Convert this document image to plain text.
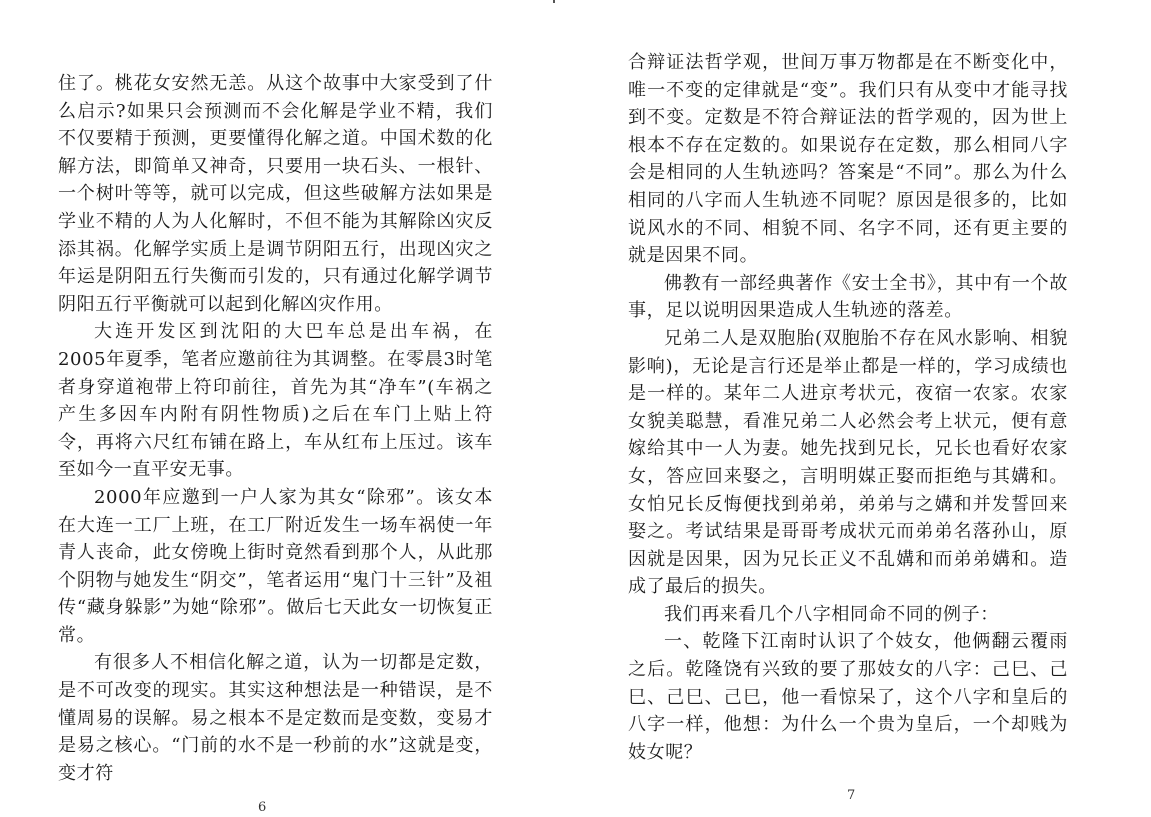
住了。桃花女安然无恙。从这个故事中大家受到了什么启示?如果只会预测而不会化解是学业不精，我们不仅要精于预测，更要懂得化解之道。中国术数的化解方法，即简单又神奇，只要用一块石头、一根针、一个树叶等等，就可以完成，但这些破解方法如果是学业不精的人为人化解时，不但不能为其解除凶灾反添其祸。化解学实质上是调节阴阳五行，出现凶灾之年运是阴阳五行失衡而引发的，只有通过化解学调节阴阳五行平衡就可以起到化解凶灾作用。

大连开发区到沈阳的大巴车总是出车祸，在2005年夏季，笔者应邀前往为其调整。在零晨3时笔者身穿道袍带上符印前往，首先为其“净车”(车祸之产生多因车内附有阴性物质)之后在车门上贴上符令，再将六尺红布铺在路上，车从红布上压过。该车至如今一直平安无事。

2000年应邀到一户人家为其女“除邪”。该女本在大连一工厂上班，在工厂附近发生一场车祸使一年青人丧命，此女傍晚上街时竟然看到那个人，从此那个阴物与她发生“阴交”，笔者运用“鬼门十三针”及祖传“藏身躲影”为她“除邪”。做后七天此女一切恢复正常。

有很多人不相信化解之道，认为一切都是定数，是不可改变的现实。其实这种想法是一种错误，是不懂周易的误解。易之根本不是定数而是变数，变易才是易之核心。“门前的水不是一秒前的水”这就是变，变才符

6

合辩证法哲学观，世间万事万物都是在不断变化中，唯一不变的定律就是“变”。我们只有从变中才能寻找到不变。定数是不符合辩证法的哲学观的，因为世上根本不存在定数的。如果说存在定数，那么相同八字会是相同的人生轨迹吗？答案是“不同”。那么为什么相同的八字而人生轨迹不同呢？原因是很多的，比如说风水的不同、相貌不同、名字不同，还有更主要的就是因果不同。

佛教有一部经典著作《安士全书》，其中有一个故事，足以说明因果造成人生轨迹的落差。

兄弟二人是双胞胎(双胞胎不存在风水影响、相貌影响)，无论是言行还是举止都是一样的，学习成绩也是一样的。某年二人进京考状元，夜宿一农家。农家女貌美聪慧，看准兄弟二人必然会考上状元，便有意嫁给其中一人为妻。她先找到兄长，兄长也看好农家女，答应回来娶之，言明明媒正娶而拒绝与其媾和。女怕兄长反悔便找到弟弟，弟弟与之媾和并发誓回来娶之。考试结果是哥哥考成状元而弟弟名落孙山，原因就是因果，因为兄长正义不乱媾和而弟弟媾和。造成了最后的损失。

我们再来看几个八字相同命不同的例子：

一、乾隆下江南时认识了个妓女，他俩翻云覆雨之后。乾隆饶有兴致的要了那妓女的八字：己巳、己巳、己巳、己巳，他一看惊呆了，这个八字和皇后的八字一样，他想：为什么一个贵为皇后，一个却贱为妓女呢？

7
